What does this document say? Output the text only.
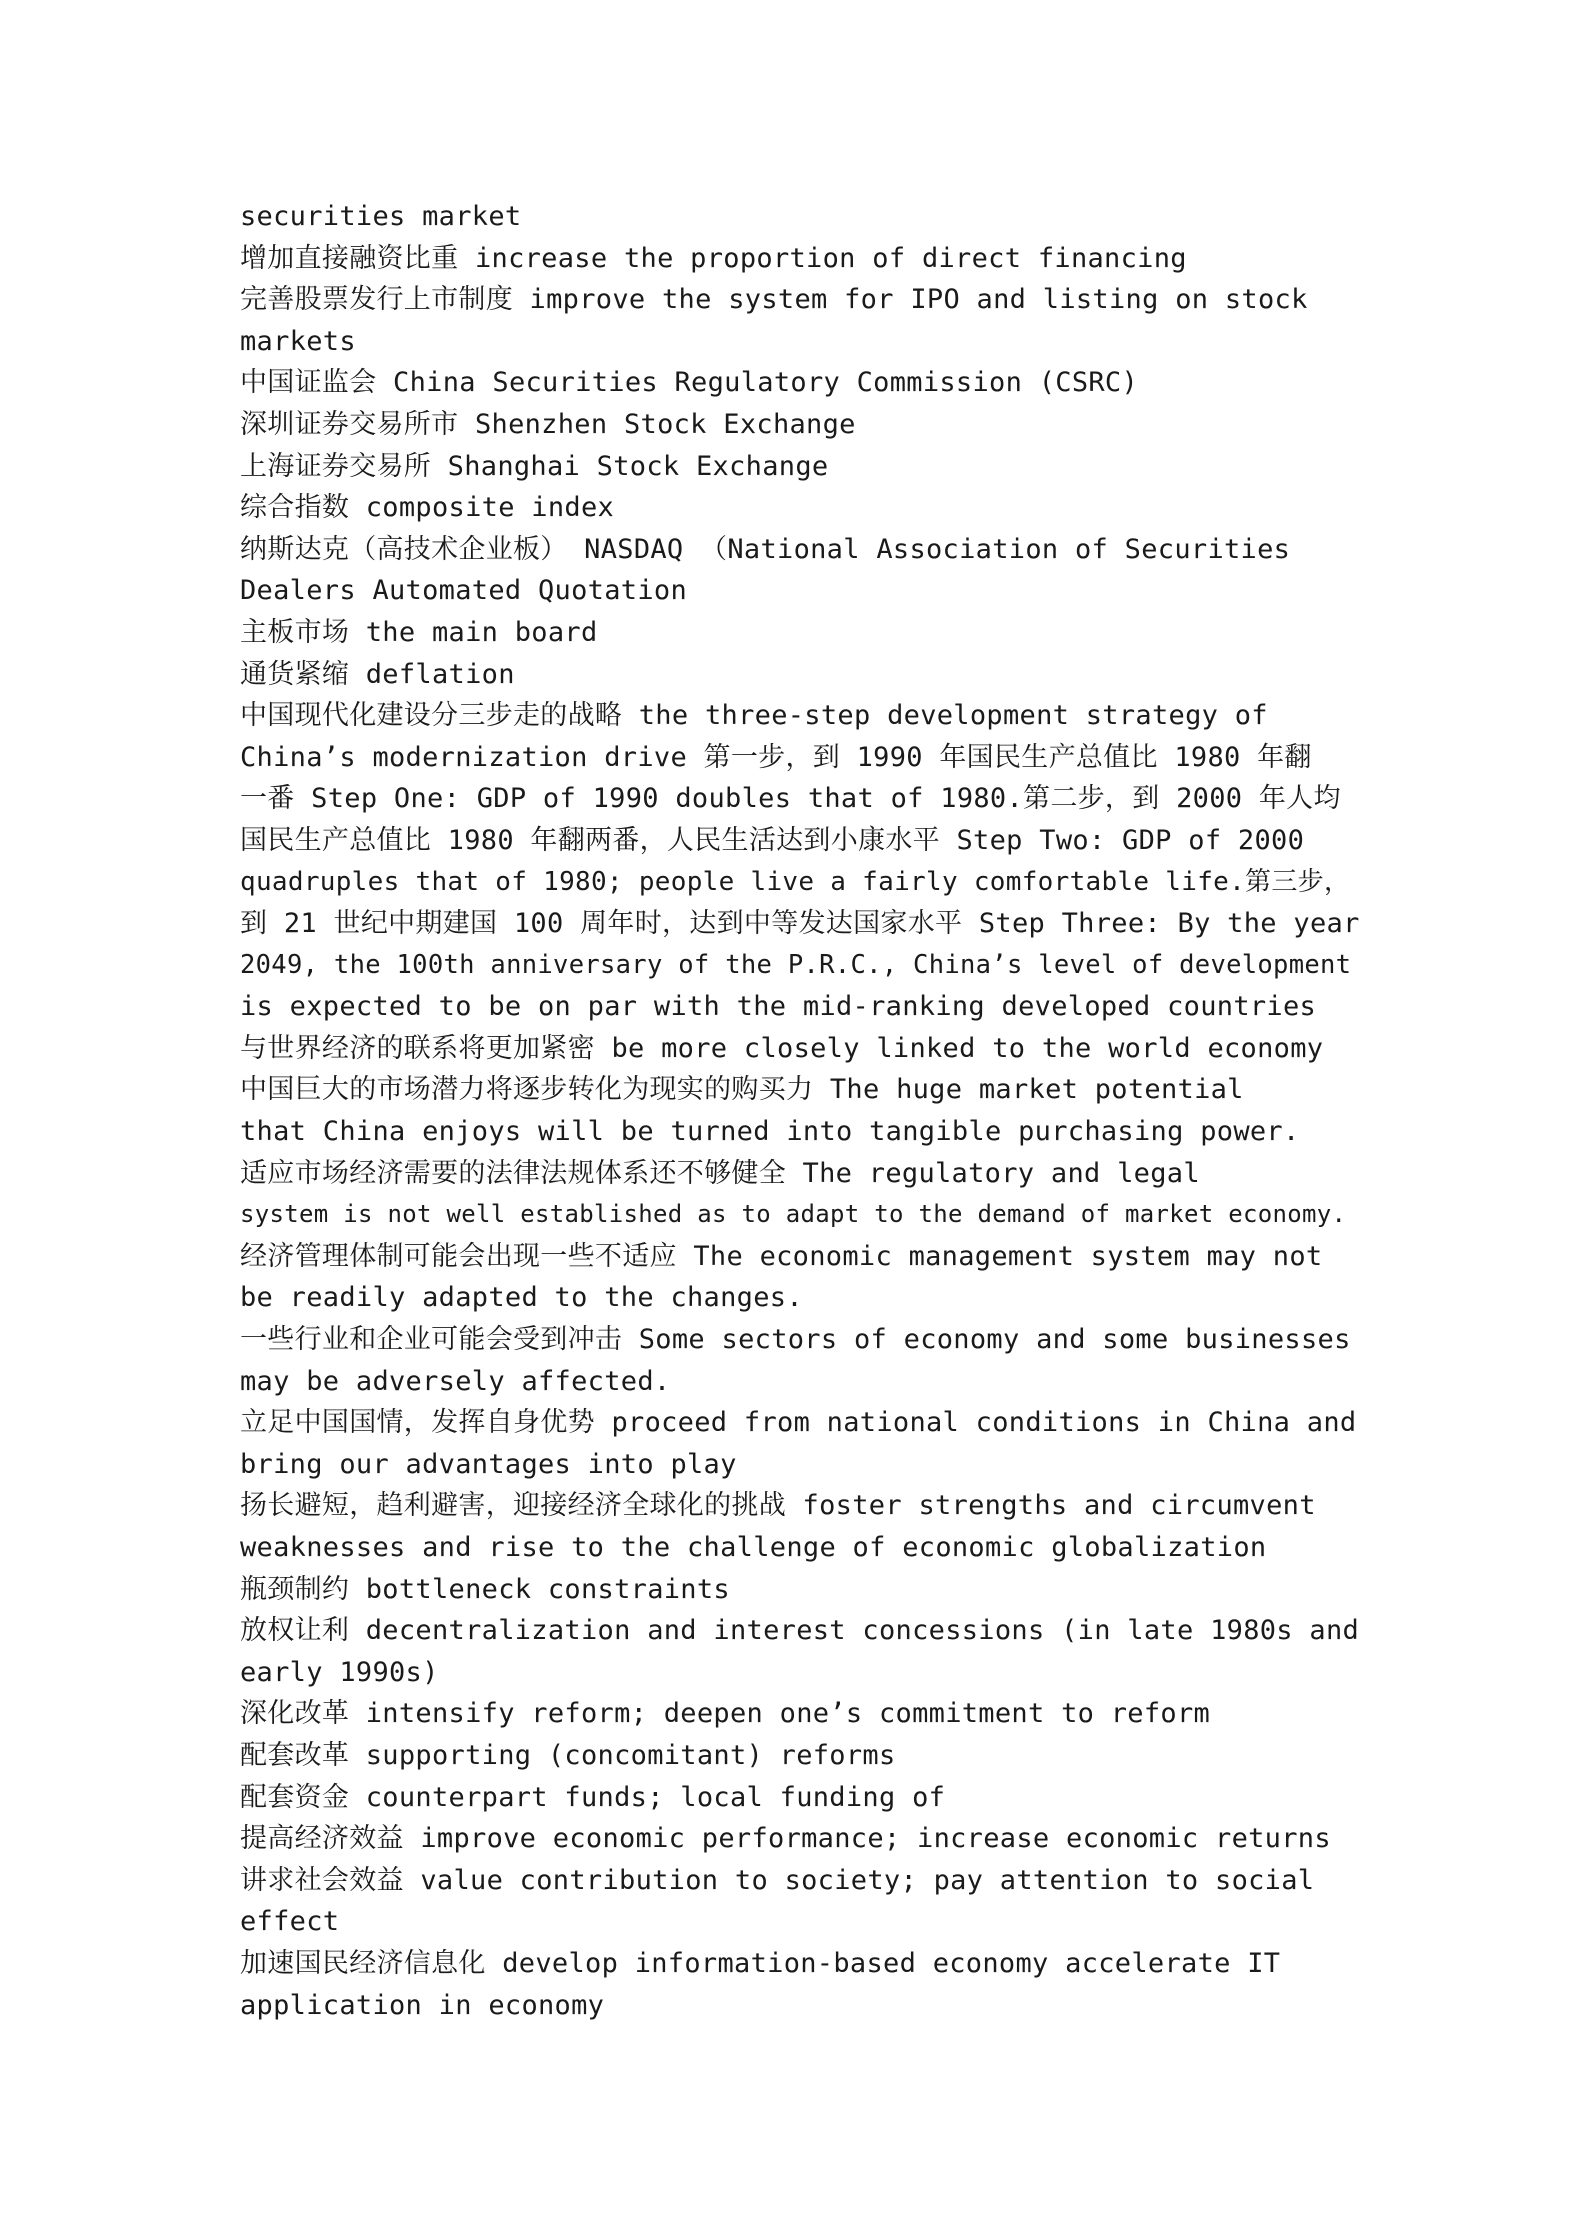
securities market
增加直接融资比重 increase the proportion of direct financing
完善股票发行上市制度 improve the system for IPO and listing on stock
markets
中国证监会 China Securities Regulatory Commission (CSRC)
深圳证券交易所市 Shenzhen Stock Exchange
上海证券交易所 Shanghai Stock Exchange
综合指数 composite index
纳斯达克（高技术企业板） NASDAQ （National Association of Securities
Dealers Automated Quotation
主板市场 the main board
通货紧缩 deflation
中国现代化建设分三步走的战略 the three-step development strategy of
China’s modernization drive 第一步，到 1990 年国民生产总值比 1980 年翻
一番 Step One: GDP of 1990 doubles that of 1980.第二步，到 2000 年人均
国民生产总值比 1980 年翻两番，人民生活达到小康水平 Step Two: GDP of 2000
quadruples that of 1980; people live a fairly comfortable life.第三步，
到 21 世纪中期建国 100 周年时，达到中等发达国家水平 Step Three: By the year
2049, the 100th anniversary of the P.R.C., China’s level of development
is expected to be on par with the mid-ranking developed countries
与世界经济的联系将更加紧密 be more closely linked to the world economy
中国巨大的市场潜力将逐步转化为现实的购买力 The huge market potential
that China enjoys will be turned into tangible purchasing power.
适应市场经济需要的法律法规体系还不够健全 The regulatory and legal
system is not well established as to adapt to the demand of market economy.
经济管理体制可能会出现一些不适应 The economic management system may not
be readily adapted to the changes.
一些行业和企业可能会受到冲击 Some sectors of economy and some businesses
may be adversely affected.
立足中国国情，发挥自身优势 proceed from national conditions in China and
bring our advantages into play
扬长避短，趋利避害，迎接经济全球化的挑战 foster strengths and circumvent
weaknesses and rise to the challenge of economic globalization
瓶颈制约 bottleneck constraints
放权让利 decentralization and interest concessions (in late 1980s and
early 1990s)
深化改革 intensify reform; deepen one’s commitment to reform
配套改革 supporting (concomitant) reforms
配套资金 counterpart funds; local funding of
提高经济效益 improve economic performance; increase economic returns
讲求社会效益 value contribution to society; pay attention to social
effect
加速国民经济信息化 develop information-based economy accelerate IT
application in economy
